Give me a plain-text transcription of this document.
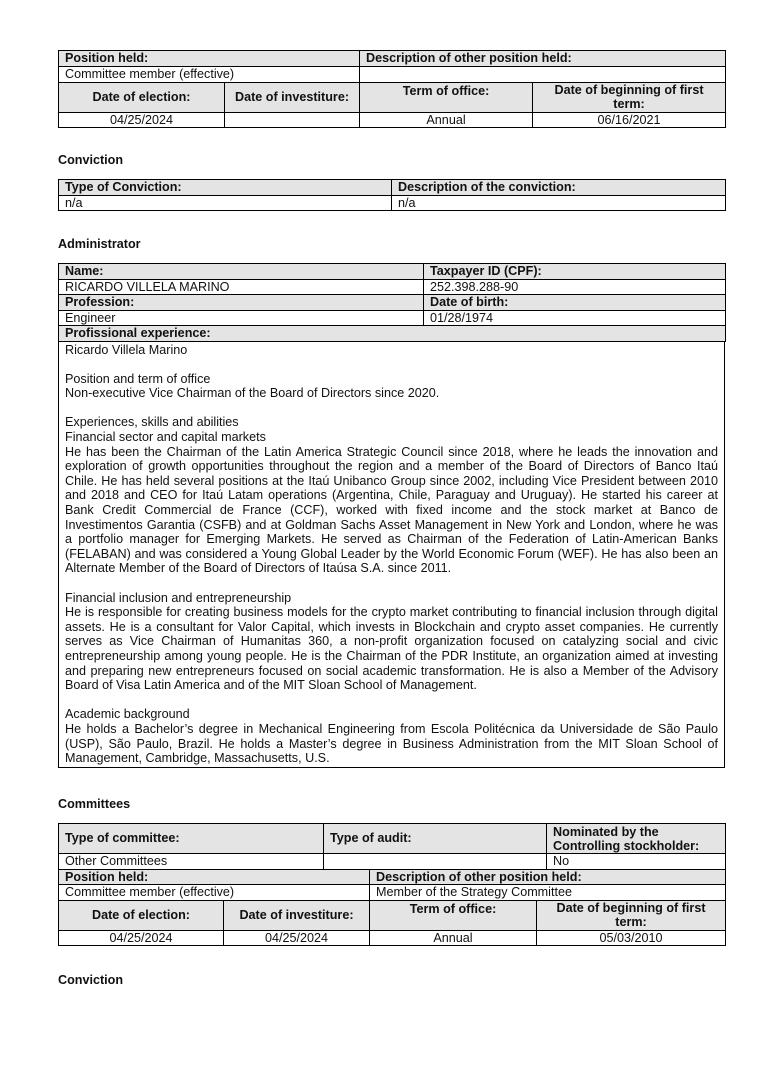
Position held:		Description of other position held:	
Committee member (effective)			
Date of election:	Date of investiture:	Term of office:	Date of beginning of first term:
04/25/2024		Annual	06/16/2021
Conviction
Type of Conviction:	Description of the conviction:
n/a	n/a
Administrator
Name:	Taxpayer ID (CPF):
RICARDO VILLELA MARINO	252.398.288-90
Profession:	Date of birth:
Engineer	01/28/1974
Profissional experience:	

Ricardo Villela Marino

Position and term of office

Non-executive Vice Chairman of the Board of Directors since 2020.

Experiences, skills and abilities

Financial sector and capital markets

He has been the Chairman of the Latin America Strategic Council since 2018, where he leads the innovation and exploration of growth opportunities throughout the region and a member of the Board of Directors of Banco Itaú Chile. He has held several positions at the Itaú Unibanco Group since 2002, including Vice President between 2010 and 2018 and CEO for Itaú Latam operations (Argentina, Chile, Paraguay and Uruguay). He started his career at Bank Credit Commercial de France (CCF), worked with fixed income and the stock market at Banco de Investimentos Garantia (CSFB) and at Goldman Sachs Asset Management in New York and London, where he was a portfolio manager for Emerging Markets. He served as Chairman of the Federation of Latin-American Banks (FELABAN) and was considered a Young Global Leader by the World Economic Forum (WEF). He has also been an Alternate Member of the Board of Directors of Itaúsa S.A. since 2011.

Financial inclusion and entrepreneurship

He is responsible for creating business models for the crypto market contributing to financial inclusion through digital assets. He is a consultant for Valor Capital, which invests in Blockchain and crypto asset companies. He currently serves as Vice Chairman of Humanitas 360, a non-profit organization focused on catalyzing social and civic entrepreneurship among young people. He is the Chairman of the PDR Institute, an organization aimed at investing and preparing new entrepreneurs focused on social academic transformation. He is also a Member of the Advisory Board of Visa Latin America and of the MIT Sloan School of Management.

Academic background

He holds a Bachelor’s degree in Mechanical Engineering from Escola Politécnica da Universidade de São Paulo (USP), São Paulo, Brazil. He holds a Master’s degree in Business Administration from the MIT Sloan School of Management, Cambridge, Massachusetts, U.S.

Committees
Type of committee:		Type of audit:			Nominated by the Controlling stockholder:
Other Committees					No
Position held:			Description of other position held:		
Committee member (effective)			Member of the Strategy Committee		
Date of election:	Date of investiture:		Term of office:	Date of beginning of first term:	
04/25/2024	04/25/2024		Annual	05/03/2010	
Conviction
